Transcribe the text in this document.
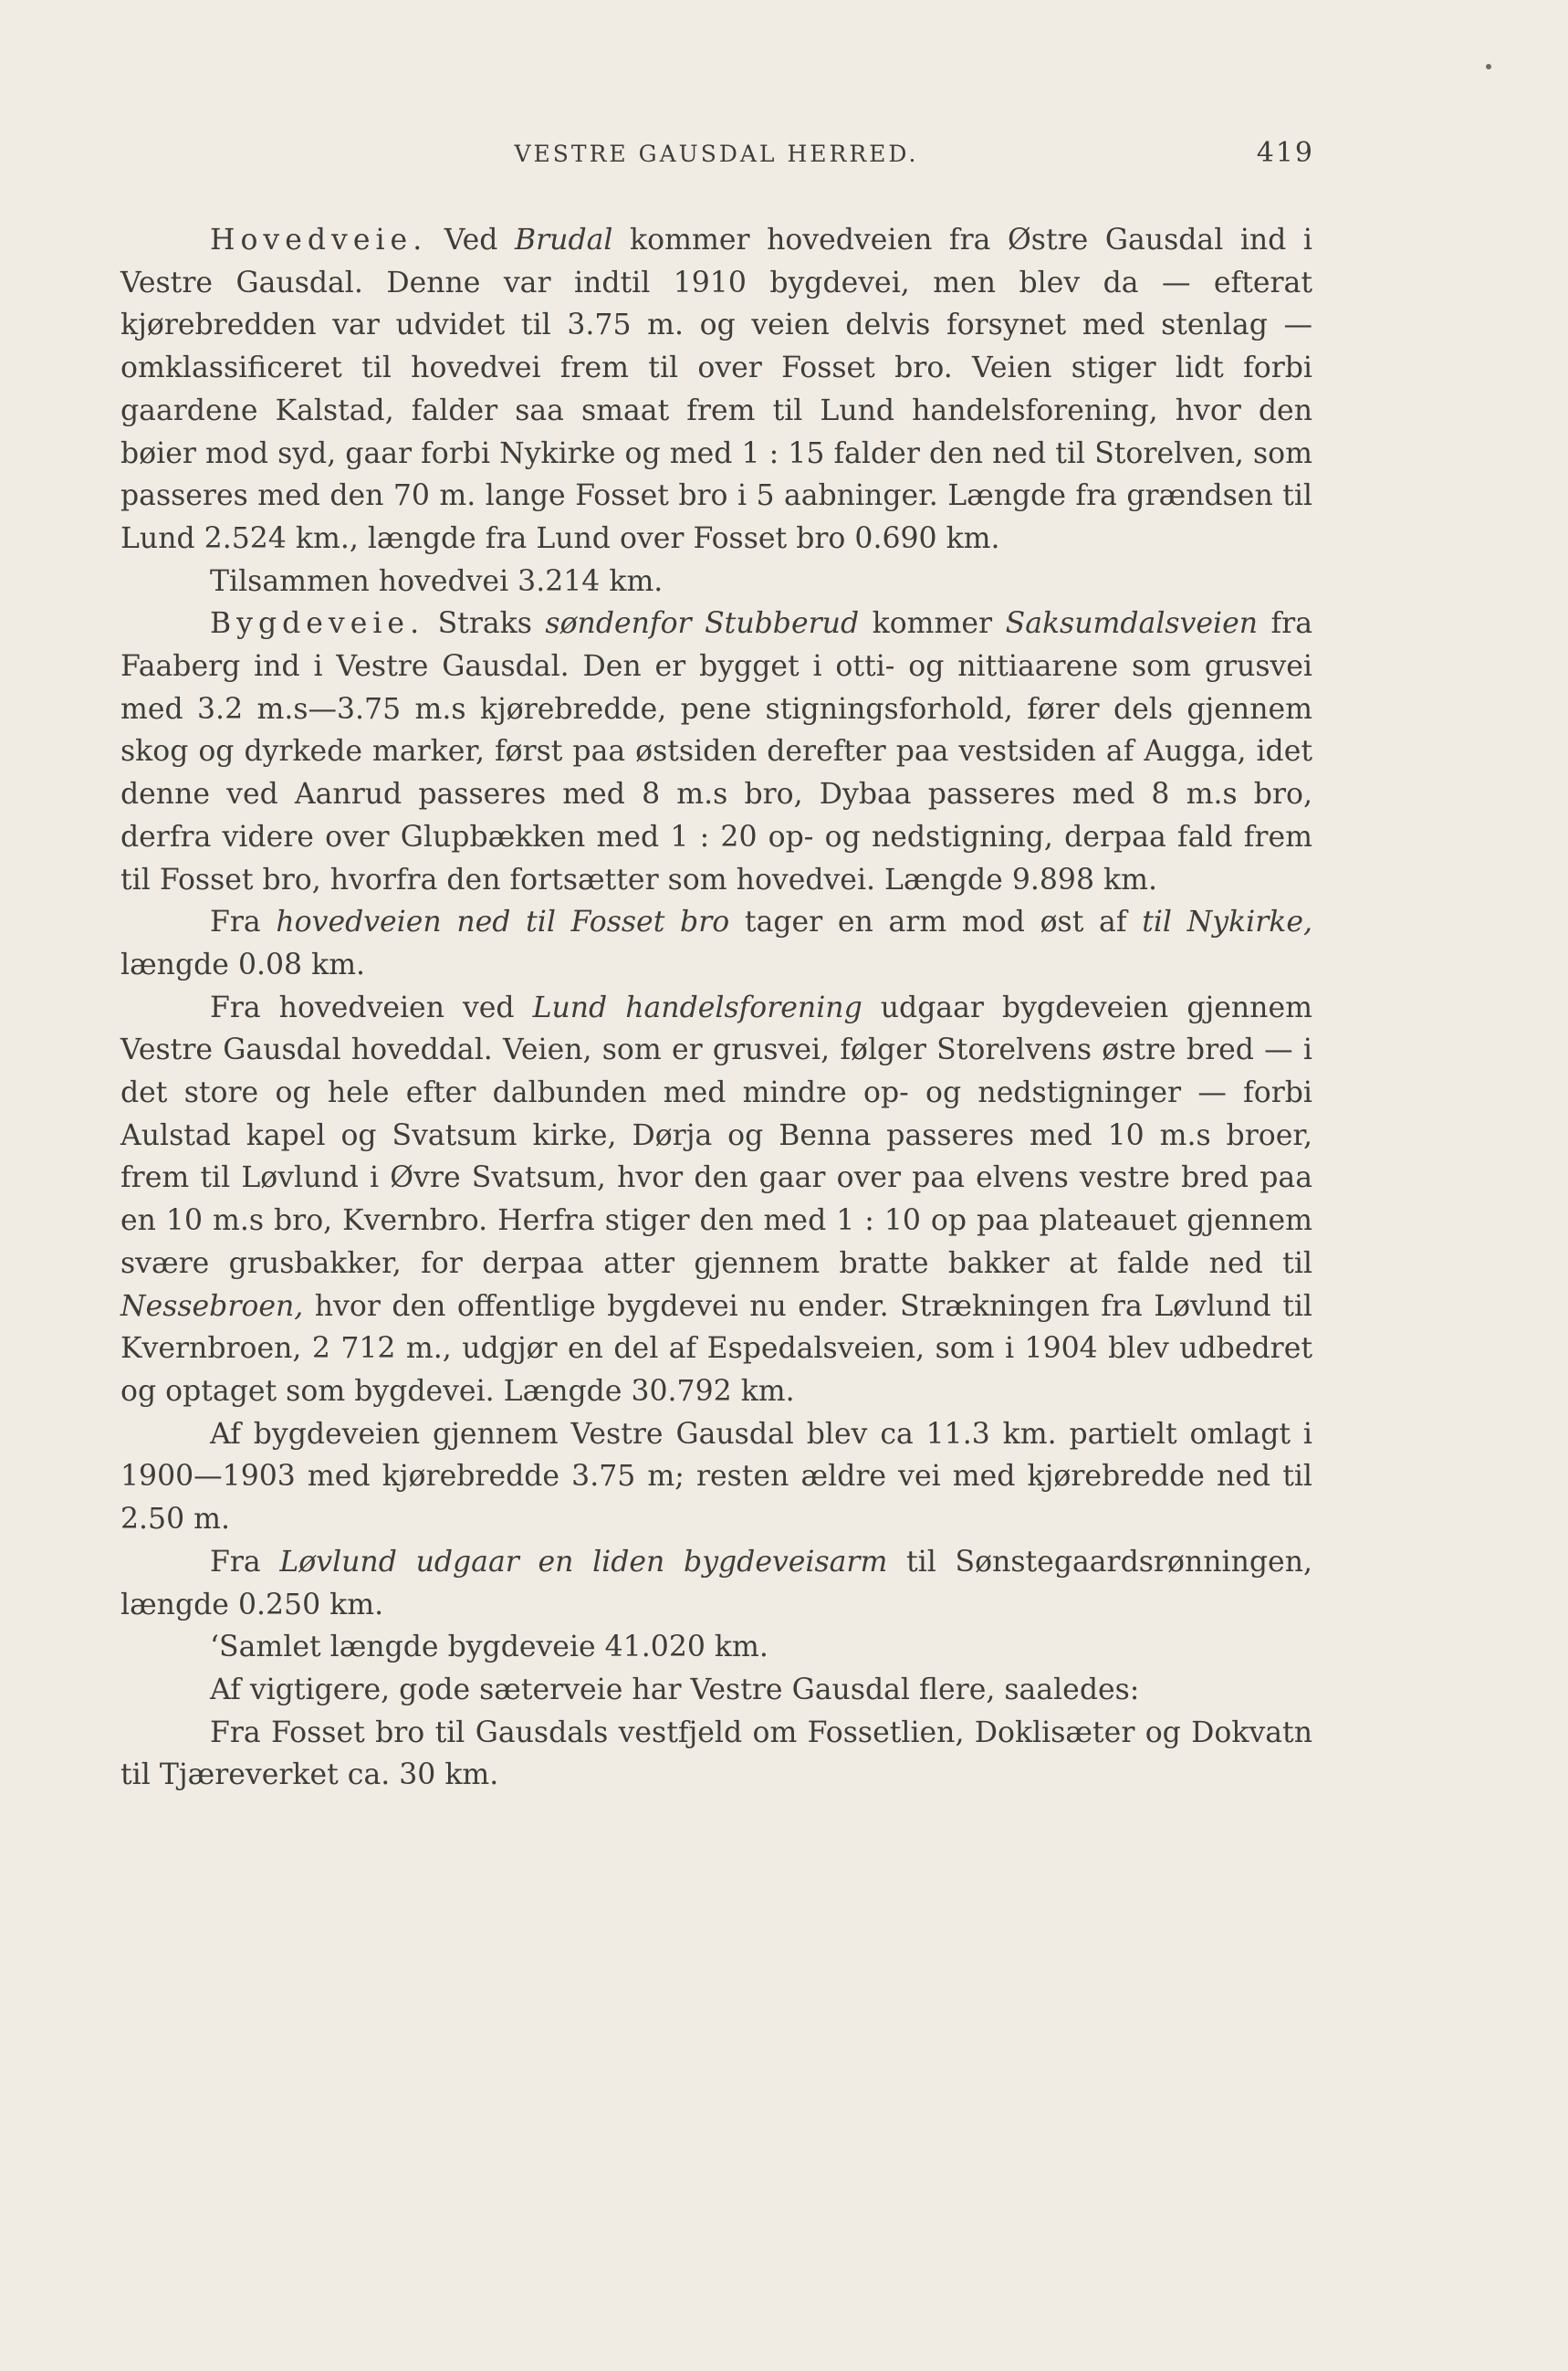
VESTRE GAUSDAL HERRED.	419

Hovedveie. Ved Brudal kommer hovedveien fra Østre Gausdal ind i Vestre Gausdal. Denne var indtil 1910 bygdevei, men blev da — efterat kjørebredden var udvidet til 3.75 m. og veien delvis forsynet med stenlag — omklassificeret til hovedvei frem til over Fosset bro. Veien stiger lidt forbi gaardene Kalstad, falder saa smaat frem til Lund handelsforening, hvor den bøier mod syd, gaar forbi Nykirke og med 1 : 15 falder den ned til Storelven, som passeres med den 70 m. lange Fosset bro i 5 aabninger. Længde fra grændsen til Lund 2.524 km., længde fra Lund over Fosset bro 0.690 km.

Tilsammen hovedvei 3.214 km.

Bygdeveie. Straks søndenfor Stubberud kommer Saksumdalsveien fra Faaberg ind i Vestre Gausdal. Den er bygget i otti- og nittiaarene som grusvei med 3.2 m.s—3.75 m.s kjørebredde, pene stigningsforhold, fører dels gjennem skog og dyrkede marker, først paa østsiden derefter paa vestsiden af Augga, idet denne ved Aanrud passeres med 8 m.s bro, Dybaa passeres med 8 m.s bro, derfra videre over Glupbækken med 1 : 20 op- og nedstigning, derpaa fald frem til Fosset bro, hvorfra den fortsætter som hovedvei. Længde 9.898 km.

Fra hovedveien ned til Fosset bro tager en arm mod øst af til Nykirke, længde 0.08 km.

Fra hovedveien ved Lund handelsforening udgaar bygdeveien gjennem Vestre Gausdal hoveddal. Veien, som er grusvei, følger Storelvens østre bred — i det store og hele efter dalbunden med mindre op- og nedstigninger — forbi Aulstad kapel og Svatsum kirke, Dørja og Benna passeres med 10 m.s broer, frem til Løvlund i Øvre Svatsum, hvor den gaar over paa elvens vestre bred paa en 10 m.s bro, Kvernbro. Herfra stiger den med 1 : 10 op paa plateauet gjennem svære grusbakker, for derpaa atter gjennem bratte bakker at falde ned til Nessebroen, hvor den offentlige bygdevei nu ender. Strækningen fra Løvlund til Kvernbroen, 2 712 m., udgjør en del af Espedalsveien, som i 1904 blev udbedret og optaget som bygdevei. Længde 30.792 km.

Af bygdeveien gjennem Vestre Gausdal blev ca 11.3 km. partielt omlagt i 1900—1903 med kjørebredde 3.75 m; resten ældre vei med kjørebredde ned til 2.50 m.

Fra Løvlund udgaar en liden bygdeveisarm til Sønstegaardsrønningen, længde 0.250 km.

‘Samlet længde bygdeveie 41.020 km.

Af vigtigere, gode sæterveie har Vestre Gausdal flere, saaledes:

Fra Fosset bro til Gausdals vestfjeld om Fossetlien, Doklisæter og Dokvatn til Tjæreverket ca. 30 km.
